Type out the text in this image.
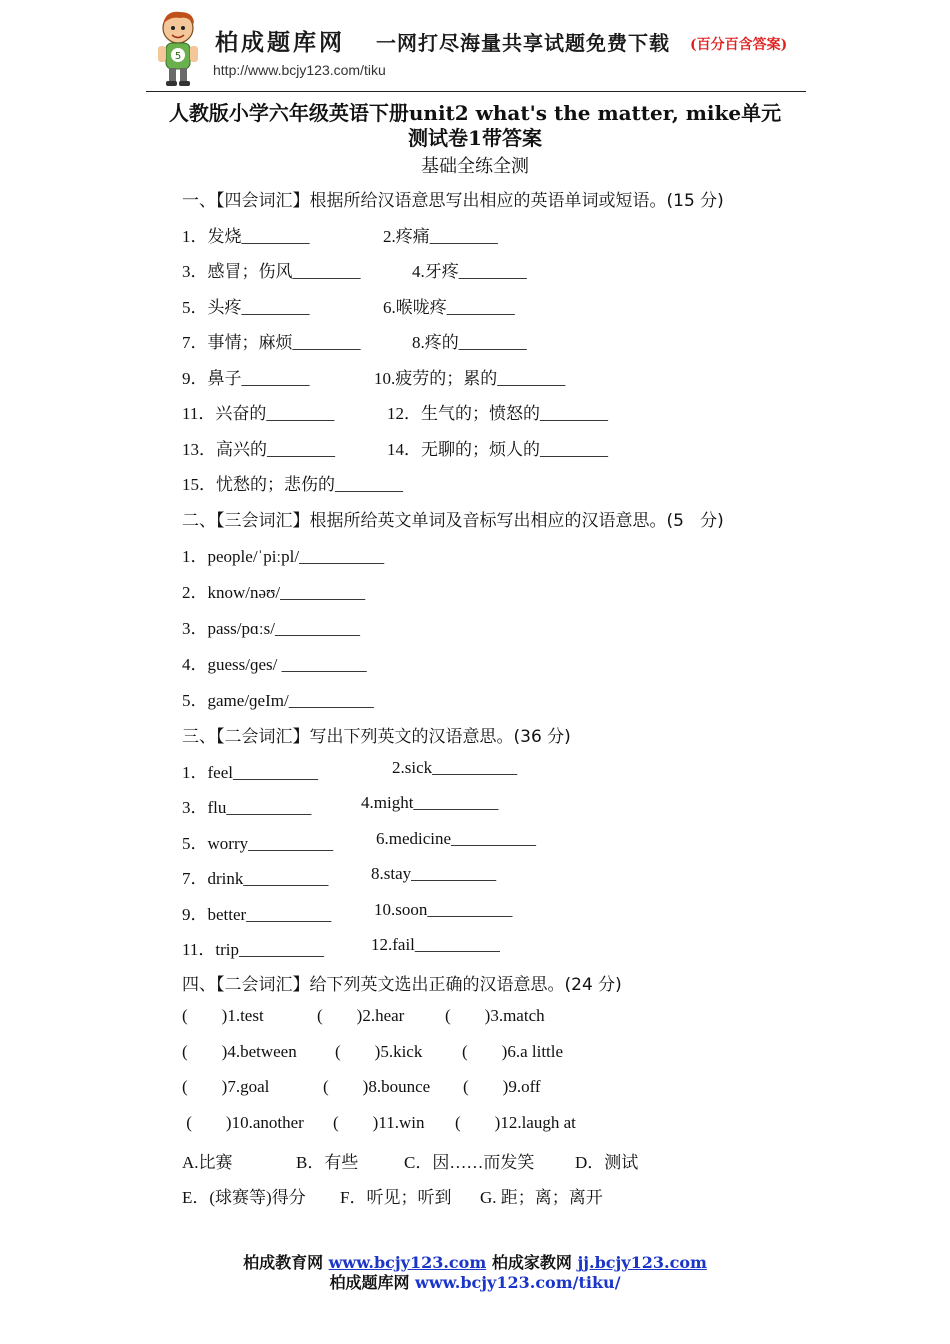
5
柏成题库网 一网打尽海量共享试题免费下载 (百分百含答案)
http://www.bcjy123.com/tiku
人教版小学六年级英语下册unit2 what's the matter, mike单元
测试卷1带答案
基础全练全测
一、【四会词汇】根据所给汉语意思写出相应的英语单词或短语。(15 分)
1．发烧________	2.疼痛________
3．感冒；伤风________	4.牙疼________
5．头疼________	6.喉咙疼________
7．事情；麻烦________	8.疼的________
9．鼻子________	10.疲劳的；累的________
11．兴奋的________	12．生气的；愤怒的________
13．高兴的________	14．无聊的；烦人的________
15．忧愁的；悲伤的________
二、【三会词汇】根据所给英文单词及音标写出相应的汉语意思。(5   分)
1．people/ˈpiːpl/__________
2．know/nəʊ/__________
3．pass/pɑːs/__________
4．guess/ɡes/ __________
5．game/ɡeIm/__________
三、【二会词汇】写出下列英文的汉语意思。(36 分)
1．feel__________	2.sick__________
3．flu__________	4.might__________
5．worry__________	6.medicine__________
7．drink__________	8.stay__________
9．better__________	10.soon__________
11．trip__________	12.fail__________
四、【二会词汇】给下列英文选出正确的汉语意思。(24 分)
(        )1.test	(        )2.hear (        )3.match
(        )4.between (        )5.kick (        )6.a little
(        )7.goal	(        )8.bounce (        )9.off
(        )10.another (        )11.win (        )12.laugh at
A.比赛	B．有些	C．因……而发笑 D．测试
E．(球赛等)得分 F．听见；听到 G. 距；离；离开
柏成教育网 www.bcjy123.com 柏成家教网 jj.bcjy123.com
柏成题库网 www.bcjy123.com/tiku/
